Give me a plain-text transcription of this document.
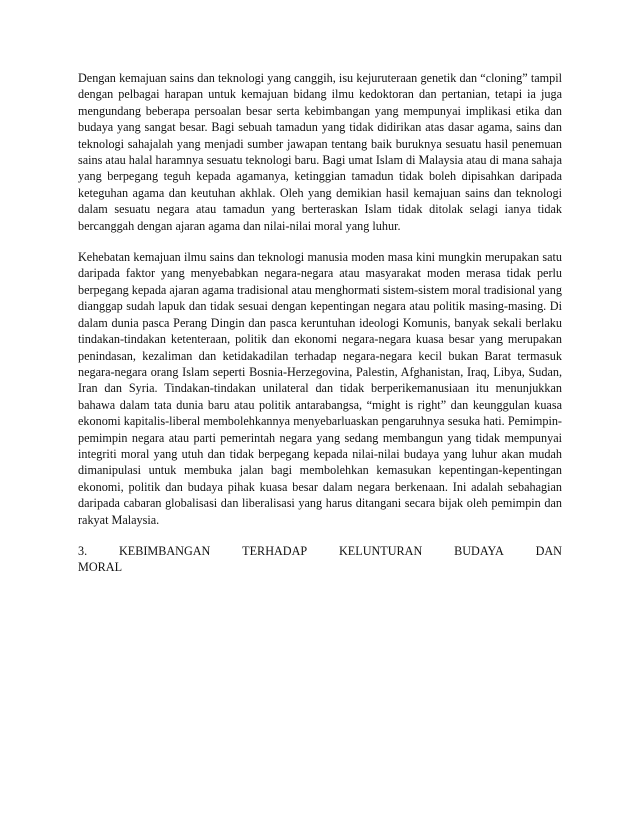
Dengan kemajuan sains dan teknologi yang canggih, isu kejuruteraan genetik dan “cloning” tampil dengan pelbagai harapan untuk kemajuan bidang ilmu kedoktoran dan pertanian, tetapi ia juga mengundang beberapa persoalan besar serta kebimbangan yang mempunyai implikasi etika dan budaya yang sangat besar. Bagi sebuah tamadun yang tidak didirikan atas dasar agama, sains dan teknologi sahajalah yang menjadi sumber jawapan tentang baik buruknya sesuatu hasil penemuan sains atau halal haramnya sesuatu teknologi baru. Bagi umat Islam di Malaysia atau di mana sahaja yang berpegang teguh kepada agamanya, ketinggian tamadun tidak boleh dipisahkan daripada keteguhan agama dan keutuhan akhlak. Oleh yang demikian hasil kemajuan sains dan teknologi dalam sesuatu negara atau tamadun yang berteraskan Islam tidak ditolak selagi ianya tidak bercanggah dengan ajaran agama dan nilai-nilai moral yang luhur.

Kehebatan kemajuan ilmu sains dan teknologi manusia moden masa kini mungkin merupakan satu daripada faktor yang menyebabkan negara-negara atau masyarakat moden merasa tidak perlu berpegang kepada ajaran agama tradisional atau menghormati sistem-sistem moral tradisional yang dianggap sudah lapuk dan tidak sesuai dengan kepentingan negara atau politik masing-masing. Di dalam dunia pasca Perang Dingin dan pasca keruntuhan ideologi Komunis, banyak sekali berlaku tindakan-tindakan ketenteraan, politik dan ekonomi negara-negara kuasa besar yang merupakan penindasan, kezaliman dan ketidakadilan terhadap negara-negara kecil bukan Barat termasuk negara-negara orang Islam seperti Bosnia-Herzegovina, Palestin, Afghanistan, Iraq, Libya, Sudan, Iran dan Syria. Tindakan-tindakan unilateral dan tidak berperikemanusiaan itu menunjukkan bahawa dalam tata dunia baru atau politik antarabangsa, “might is right” dan keunggulan kuasa ekonomi kapitalis-liberal membolehkannya menyebarluaskan pengaruhnya sesuka hati. Pemimpin-pemimpin negara atau parti pemerintah negara yang sedang membangun yang tidak mempunyai integriti moral yang utuh dan tidak berpegang kepada nilai-nilai budaya yang luhur akan mudah dimanipulasi untuk membuka jalan bagi membolehkan kemasukan kepentingan-kepentingan ekonomi, politik dan budaya pihak kuasa besar dalam negara berkenaan. Ini adalah sebahagian daripada cabaran globalisasi dan liberalisasi yang harus ditangani secara bijak oleh pemimpin dan rakyat Malaysia.

3.	KEBIMBANGAN	TERHADAP	KELUNTURAN	BUDAYA	DAN

MORAL
